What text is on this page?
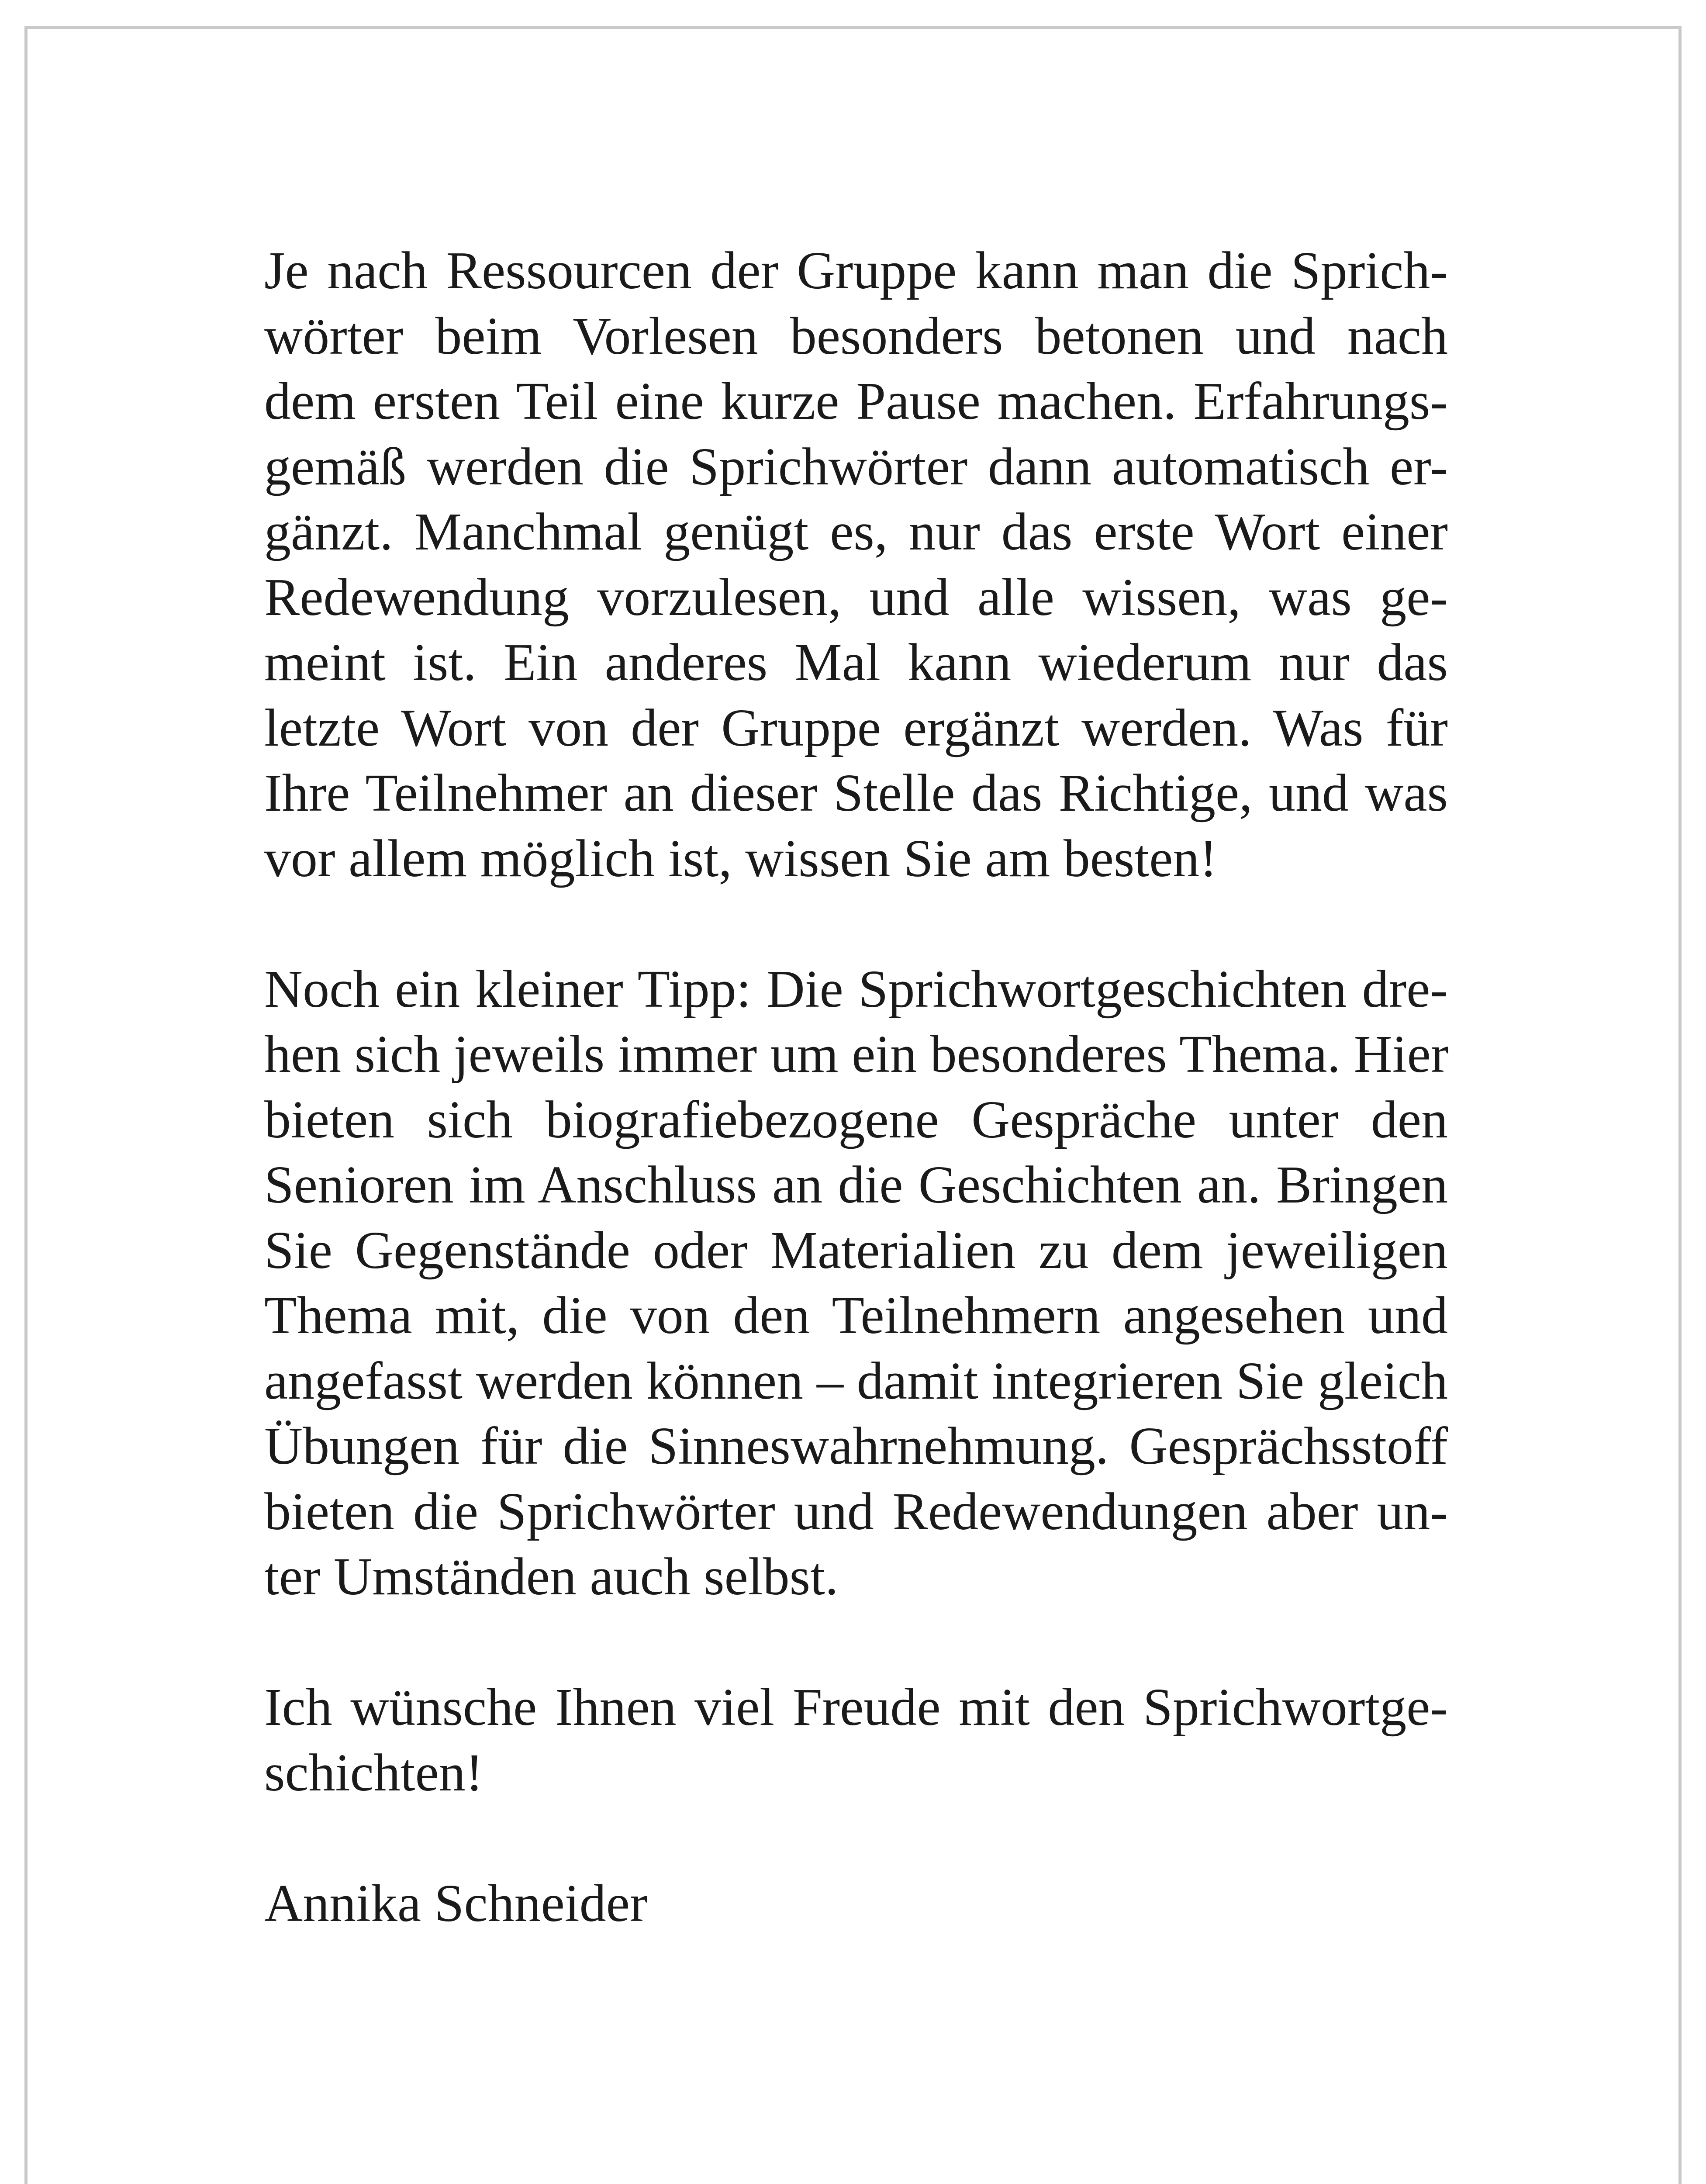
Je nach Ressourcen der Gruppe kann man die Sprich-
wörter beim Vorlesen besonders betonen und nach
dem ersten Teil eine kurze Pause machen. Erfahrungs-
gemäß werden die Sprichwörter dann automatisch er-
gänzt. Manchmal genügt es, nur das erste Wort einer
Redewendung vorzulesen, und alle wissen, was ge-
meint ist. Ein anderes Mal kann wiederum nur das
letzte Wort von der Gruppe ergänzt werden. Was für
Ihre Teilnehmer an dieser Stelle das Richtige, und was
vor allem möglich ist, wissen Sie am besten!
Noch ein kleiner Tipp: Die Sprichwortgeschichten dre-
hen sich jeweils immer um ein besonderes Thema. Hier
bieten sich biografiebezogene Gespräche unter den
Senioren im Anschluss an die Geschichten an. Bringen
Sie Gegenstände oder Materialien zu dem jeweiligen
Thema mit, die von den Teilnehmern angesehen und
angefasst werden können – damit integrieren Sie gleich
Übungen für die Sinneswahrnehmung. Gesprächsstoff
bieten die Sprichwörter und Redewendungen aber un-
ter Umständen auch selbst.
Ich wünsche Ihnen viel Freude mit den Sprichwortge-
schichten!

Annika Schneider
